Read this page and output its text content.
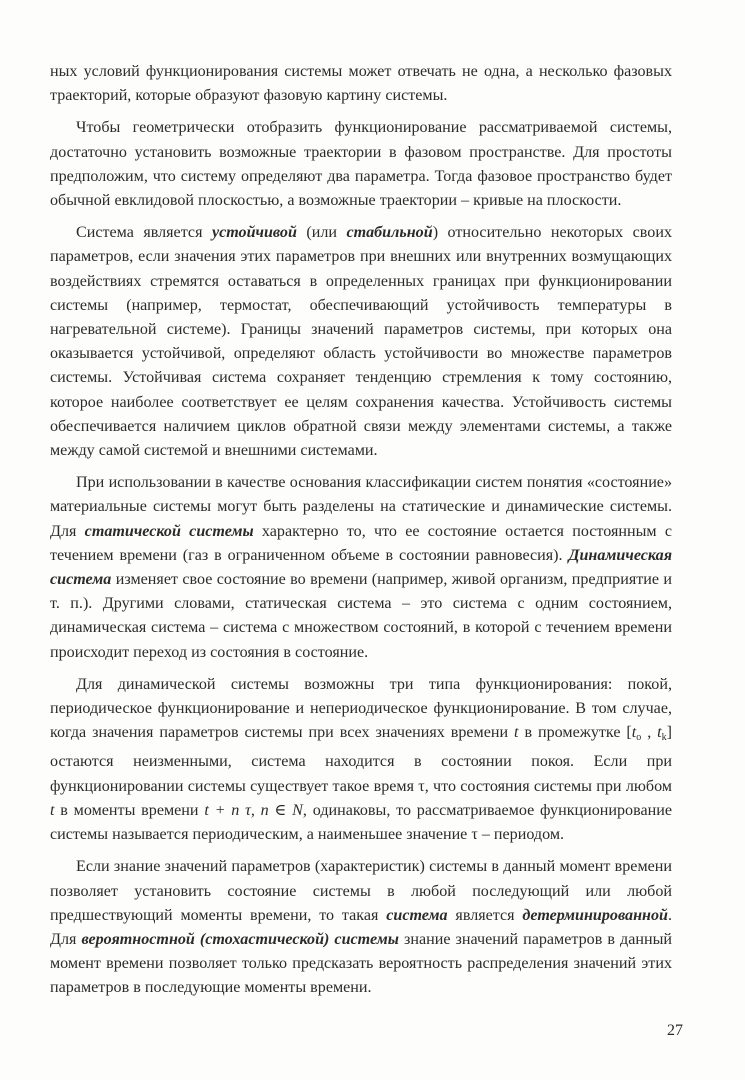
ных условий функционирования системы может отвечать не одна, а несколько фазовых траекторий, которые образуют фазовую картину системы.

Чтобы геометрически отобразить функционирование рассматриваемой системы, достаточно установить возможные траектории в фазовом пространстве. Для простоты предположим, что систему определяют два параметра. Тогда фазовое пространство будет обычной евклидовой плоскостью, а возможные траектории – кривые на плоскости.

Система является устойчивой (или стабильной) относительно некоторых своих параметров, если значения этих параметров при внешних или внутренних возмущающих воздействиях стремятся оставаться в определенных границах при функционировании системы (например, термостат, обеспечивающий устойчивость температуры в нагревательной системе). Границы значений параметров системы, при которых она оказывается устойчивой, определяют область устойчивости во множестве параметров системы. Устойчивая система сохраняет тенденцию стремления к тому состоянию, которое наиболее соответствует ее целям сохранения качества. Устойчивость системы обеспечивается наличием циклов обратной связи между элементами системы, а также между самой системой и внешними системами.

При использовании в качестве основания классификации систем понятия «состояние» материальные системы могут быть разделены на статические и динамические системы. Для статической системы характерно то, что ее состояние остается постоянным с течением времени (газ в ограниченном объеме в состоянии равновесия). Динамическая система изменяет свое состояние во времени (например, живой организм, предприятие и т. п.). Другими словами, статическая система – это система с одним состоянием, динамическая система – система с множеством состояний, в которой с течением времени происходит переход из состояния в состояние.

Для динамической системы возможны три типа функционирования: покой, периодическое функционирование и непериодическое функционирование. В том случае, когда значения параметров системы при всех значениях времени t в промежутке [$t_o$ , $t_k$] остаются неизменными, система находится в состоянии покоя. Если при функционировании системы существует такое время τ, что состояния системы при любом t в моменты времени t + n τ, n ∈ N, одинаковы, то рассматриваемое функционирование системы называется периодическим, а наименьшее значение τ – периодом.

Если знание значений параметров (характеристик) системы в данный момент времени позволяет установить состояние системы в любой последующий или любой предшествующий моменты времени, то такая система является детерминированной. Для вероятностной (стохастической) системы знание значений параметров в данный момент времени позволяет только предсказать вероятность распределения значений этих параметров в последующие моменты времени.

27
